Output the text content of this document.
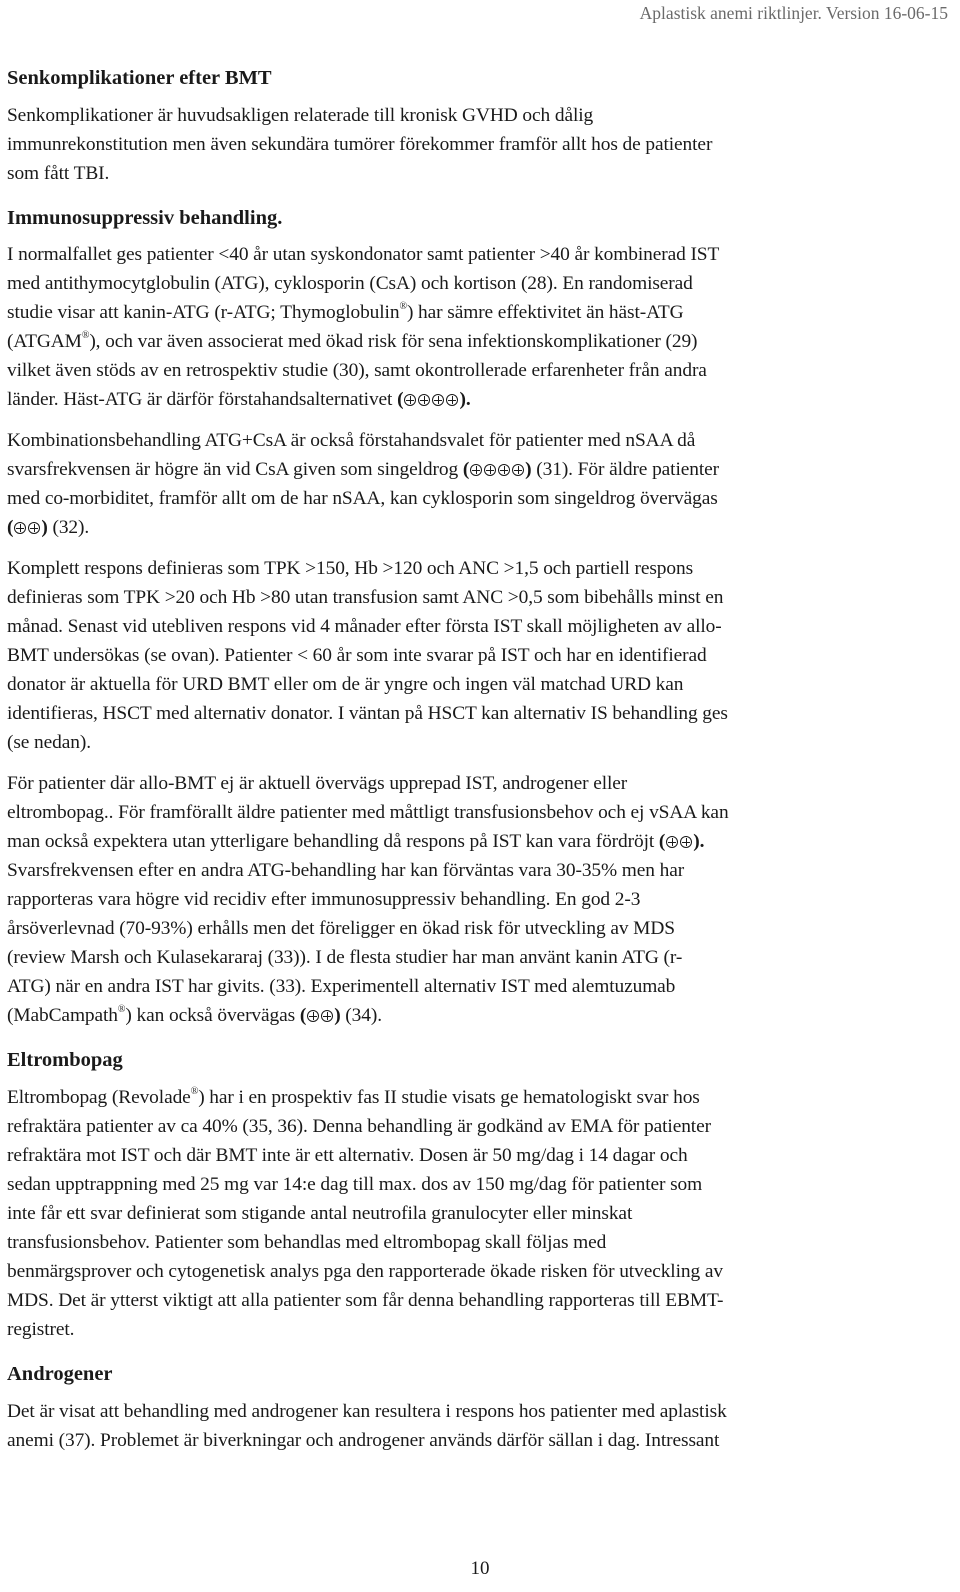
Aplastisk anemi riktlinjer. Version 16-06-15
Senkomplikationer efter BMT
Senkomplikationer är huvudsakligen relaterade till kronisk GVHD och dålig
immunrekonstitution men även sekundära tumörer förekommer framför allt hos de patienter
som fått TBI.
Immunosuppressiv behandling.
I normalfallet ges patienter <40 år utan syskondonator samt patienter >40 år kombinerad IST
med antithymocytglobulin (ATG), cyklosporin (CsA) och kortison (28). En randomiserad
studie visar att kanin-ATG (r-ATG; Thymoglobulin®) har sämre effektivitet än häst-ATG
(ATGAM®), och var även associerat med ökad risk för sena infektionskomplikationer (29)
vilket även stöds av en retrospektiv studie (30), samt okontrollerade erfarenheter från andra
länder. Häst-ATG är därför förstahandsalternativet (	).
Kombinationsbehandling ATG+CsA är också förstahandsvalet för patienter med nSAA då
svarsfrekvensen är högre än vid CsA given som singeldrog (	) (31). För äldre patienter
med co-morbiditet, framför allt om de har nSAA, kan cyklosporin som singeldrog övervägas
( ) (32).
Komplett respons definieras som TPK >150, Hb >120 och ANC >1,5 och partiell respons
definieras som TPK >20 och Hb >80 utan transfusion samt ANC >0,5 som bibehålls minst en
månad. Senast vid utebliven respons vid 4 månader efter första IST skall möjligheten av allo-
BMT undersökas (se ovan). Patienter < 60 år som inte svarar på IST och har en identifierad
donator är aktuella för URD BMT eller om de är yngre och ingen väl matchad URD kan
identifieras, HSCT med alternativ donator. I väntan på HSCT kan alternativ IS behandling ges
(se nedan).
För patienter där allo-BMT ej är aktuell övervägs upprepad IST, androgener eller
eltrombopag.. För framförallt äldre patienter med måttligt transfusionsbehov och ej vSAA kan
man också expektera utan ytterligare behandling då respons på IST kan vara fördröjt ( ).
Svarsfrekvensen efter en andra ATG-behandling har kan förväntas vara 30-35% men har
rapporteras vara högre vid recidiv efter immunosuppressiv behandling. En god 2-3
årsöverlevnad (70-93%) erhålls men det föreligger en ökad risk för utveckling av MDS
(review Marsh och Kulasekararaj (33)). I de flesta studier har man använt kanin ATG (r-
ATG) när en andra IST har givits. (33). Experimentell alternativ IST med alemtuzumab
(MabCampath®) kan också övervägas ( ) (34).
Eltrombopag
Eltrombopag (Revolade®) har i en prospektiv fas II studie visats ge hematologiskt svar hos
refraktära patienter av ca 40% (35, 36). Denna behandling är godkänd av EMA för patienter
refraktära mot IST och där BMT inte är ett alternativ. Dosen är 50 mg/dag i 14 dagar och
sedan upptrappning med 25 mg var 14:e dag till max. dos av 150 mg/dag för patienter som
inte får ett svar definierat som stigande antal neutrofila granulocyter eller minskat
transfusionsbehov. Patienter som behandlas med eltrombopag skall följas med
benmärgsprover och cytogenetisk analys pga den rapporterade ökade risken för utveckling av
MDS. Det är ytterst viktigt att alla patienter som får denna behandling rapporteras till EBMT-
registret.
Androgener
Det är visat att behandling med androgener kan resultera i respons hos patienter med aplastisk
anemi (37). Problemet är biverkningar och androgener används därför sällan i dag. Intressant
10
